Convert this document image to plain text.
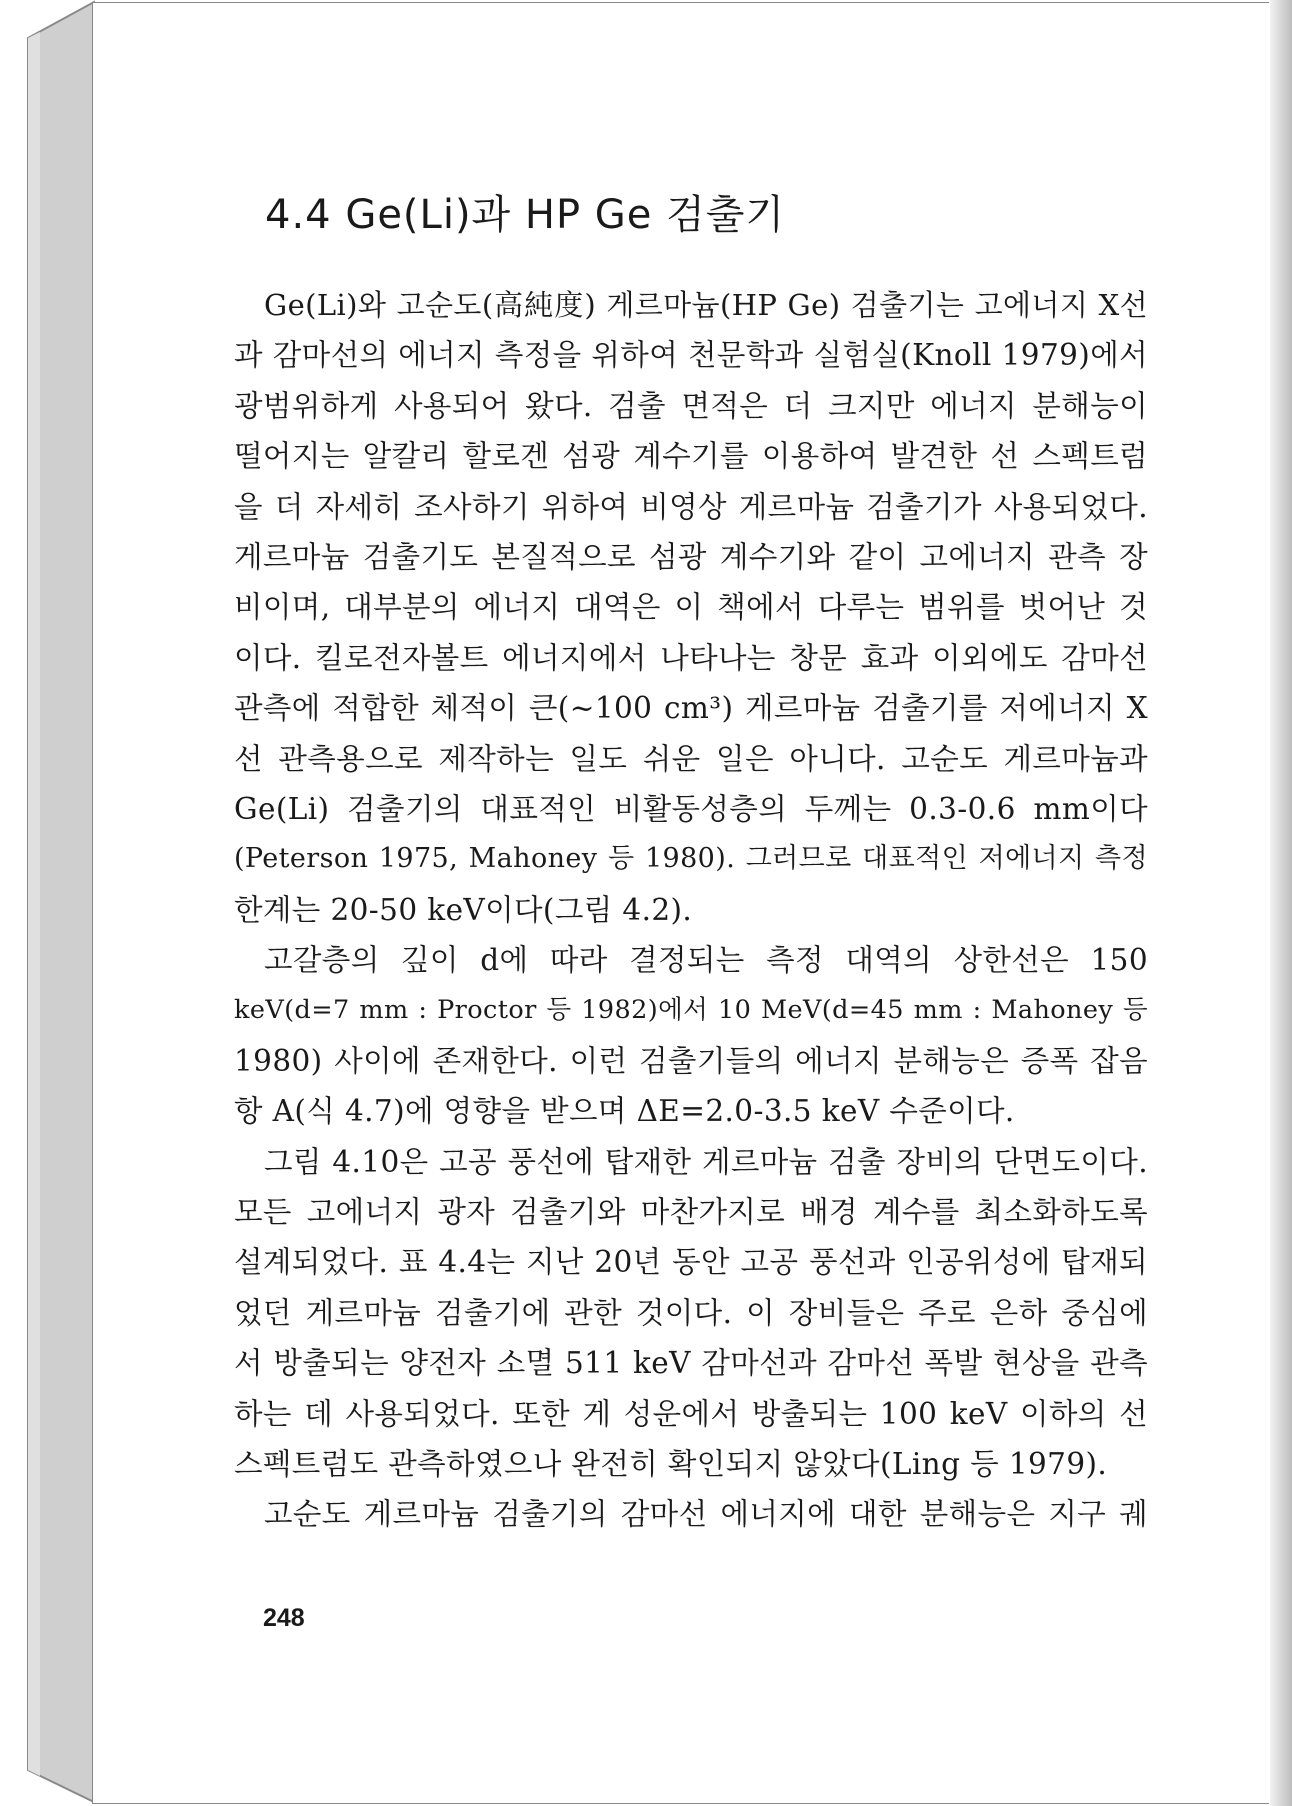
4.4 Ge(Li)과 HP Ge 검출기
Ge(Li)와 고순도(高純度) 게르마늄(HP Ge) 검출기는 고에너지 X선
과 감마선의 에너지 측정을 위하여 천문학과 실험실(Knoll 1979)에서
광범위하게 사용되어 왔다. 검출 면적은 더 크지만 에너지 분해능이
떨어지는 알칼리 할로겐 섬광 계수기를 이용하여 발견한 선 스펙트럼
을 더 자세히 조사하기 위하여 비영상 게르마늄 검출기가 사용되었다.
게르마늄 검출기도 본질적으로 섬광 계수기와 같이 고에너지 관측 장
비이며, 대부분의 에너지 대역은 이 책에서 다루는 범위를 벗어난 것
이다. 킬로전자볼트 에너지에서 나타나는 창문 효과 이외에도 감마선
관측에 적합한 체적이 큰(~100 cm³) 게르마늄 검출기를 저에너지 X
선 관측용으로 제작하는 일도 쉬운 일은 아니다. 고순도 게르마늄과
Ge(Li) 검출기의 대표적인 비활동성층의 두께는 0.3-0.6 mm이다
(Peterson 1975, Mahoney 등 1980). 그러므로 대표적인 저에너지 측정
한계는 20-50 keV이다(그림 4.2).
고갈층의 깊이 d에 따라 결정되는 측정 대역의 상한선은 150
keV(d=7 mm : Proctor 등 1982)에서 10 MeV(d=45 mm : Mahoney 등
1980) 사이에 존재한다. 이런 검출기들의 에너지 분해능은 증폭 잡음
항 A(식 4.7)에 영향을 받으며 ΔE=2.0-3.5 keV 수준이다.
그림 4.10은 고공 풍선에 탑재한 게르마늄 검출 장비의 단면도이다.
모든 고에너지 광자 검출기와 마찬가지로 배경 계수를 최소화하도록
설계되었다. 표 4.4는 지난 20년 동안 고공 풍선과 인공위성에 탑재되
었던 게르마늄 검출기에 관한 것이다. 이 장비들은 주로 은하 중심에
서 방출되는 양전자 소멸 511 keV 감마선과 감마선 폭발 현상을 관측
하는 데 사용되었다. 또한 게 성운에서 방출되는 100 keV 이하의 선
스펙트럼도 관측하였으나 완전히 확인되지 않았다(Ling 등 1979).
고순도 게르마늄 검출기의 감마선 에너지에 대한 분해능은 지구 궤
248
